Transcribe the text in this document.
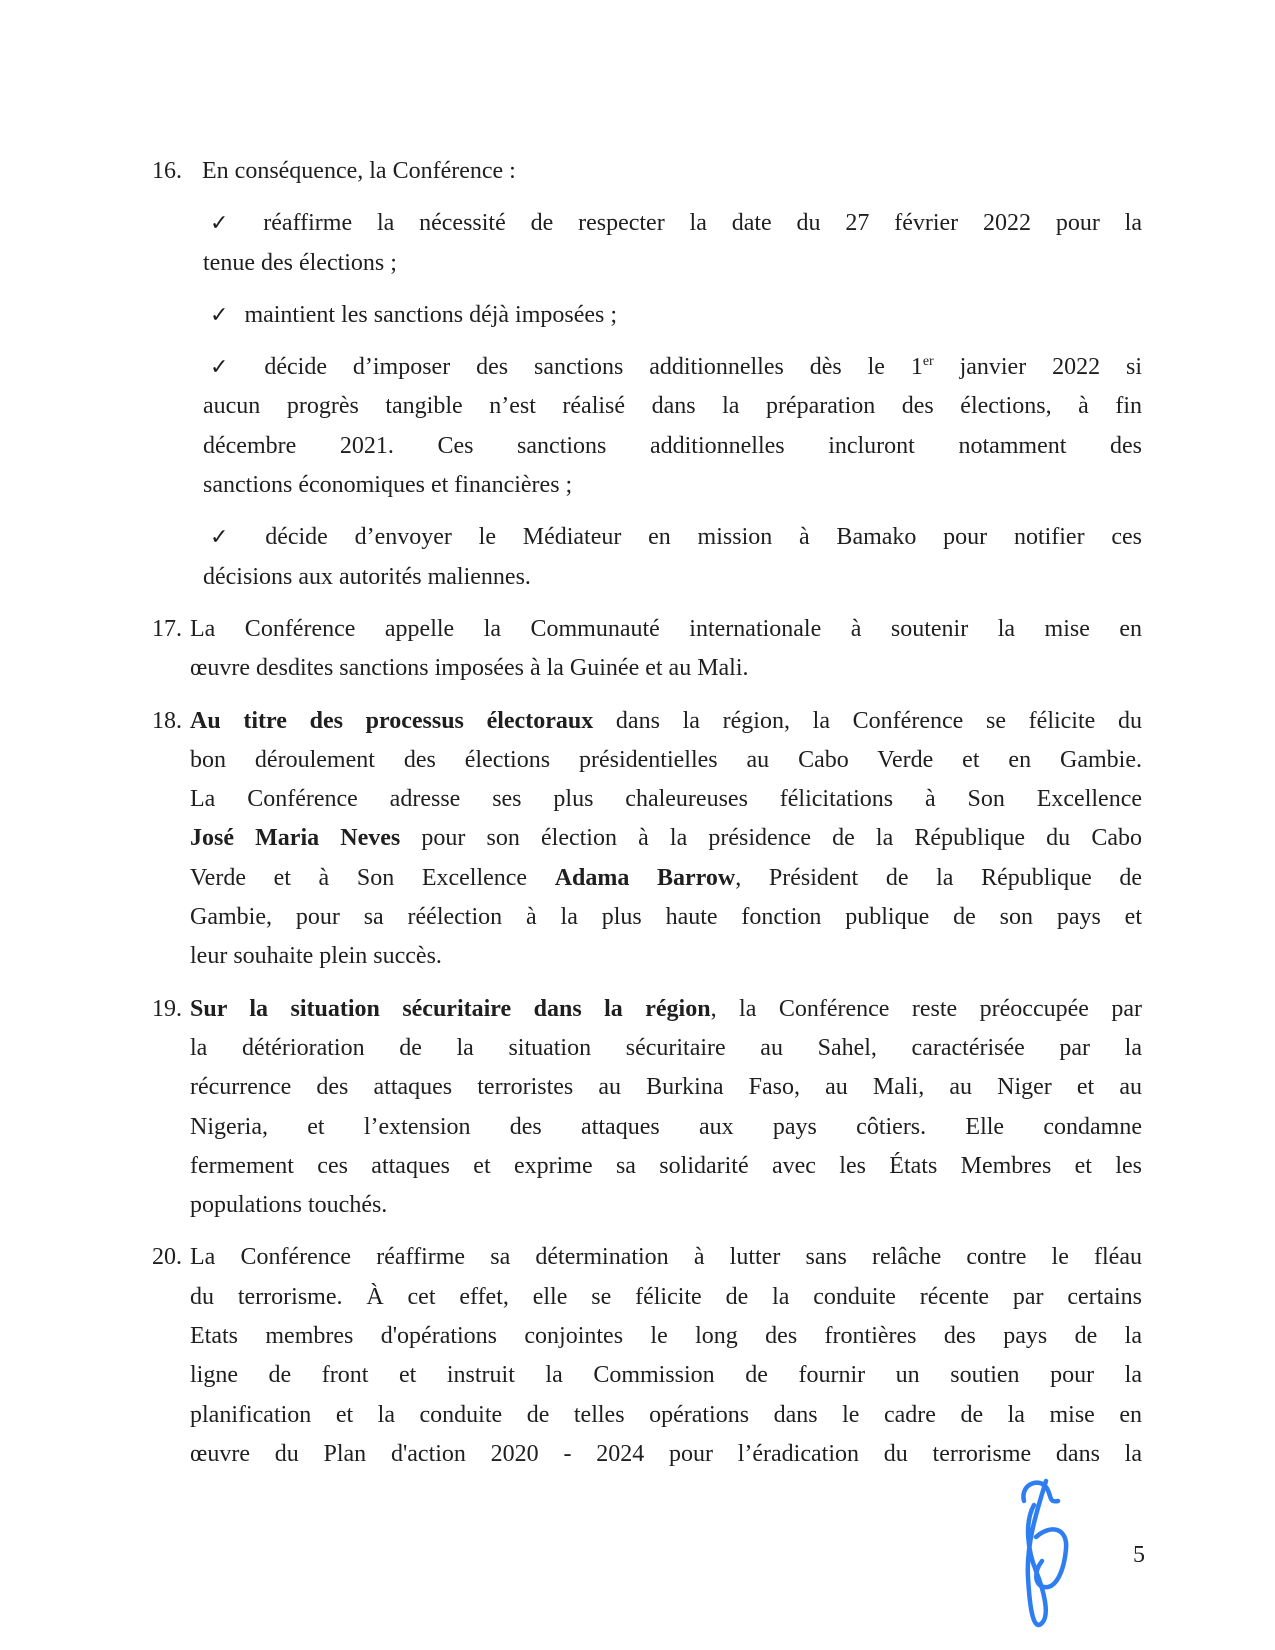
16. En conséquence, la Conférence :
✓ réaffirme la nécessité de respecter la date du 27 février 2022 pour la
tenue des élections ;
✓ maintient les sanctions déjà imposées ;
✓ décide d’imposer des sanctions additionnelles dès le 1er janvier 2022 si
aucun progrès tangible n’est réalisé dans la préparation des élections, à fin
décembre 2021. Ces sanctions additionnelles incluront notamment des
sanctions économiques et financières ;
✓ décide d’envoyer le Médiateur en mission à Bamako pour notifier ces
décisions aux autorités maliennes.
17. La Conférence appelle la Communauté internationale à soutenir la mise en
œuvre desdites sanctions imposées à la Guinée et au Mali.
18. Au titre des processus électoraux dans la région, la Conférence se félicite du
bon déroulement des élections présidentielles au Cabo Verde et en Gambie.
La Conférence adresse ses plus chaleureuses félicitations à Son Excellence
José Maria Neves pour son élection à la présidence de la République du Cabo
Verde et à Son Excellence Adama Barrow, Président de la République de
Gambie, pour sa réélection à la plus haute fonction publique de son pays et
leur souhaite plein succès.
19. Sur la situation sécuritaire dans la région, la Conférence reste préoccupée par
la détérioration de la situation sécuritaire au Sahel, caractérisée par la
récurrence des attaques terroristes au Burkina Faso, au Mali, au Niger et au
Nigeria, et l’extension des attaques aux pays côtiers. Elle condamne
fermement ces attaques et exprime sa solidarité avec les États Membres et les
populations touchés.
20. La Conférence réaffirme sa détermination à lutter sans relâche contre le fléau
du terrorisme. À cet effet, elle se félicite de la conduite récente par certains
Etats membres d'opérations conjointes le long des frontières des pays de la
ligne de front et instruit la Commission de fournir un soutien pour la
planification et la conduite de telles opérations dans le cadre de la mise en
œuvre du Plan d'action 2020 - 2024 pour l’éradication du terrorisme dans la
5
